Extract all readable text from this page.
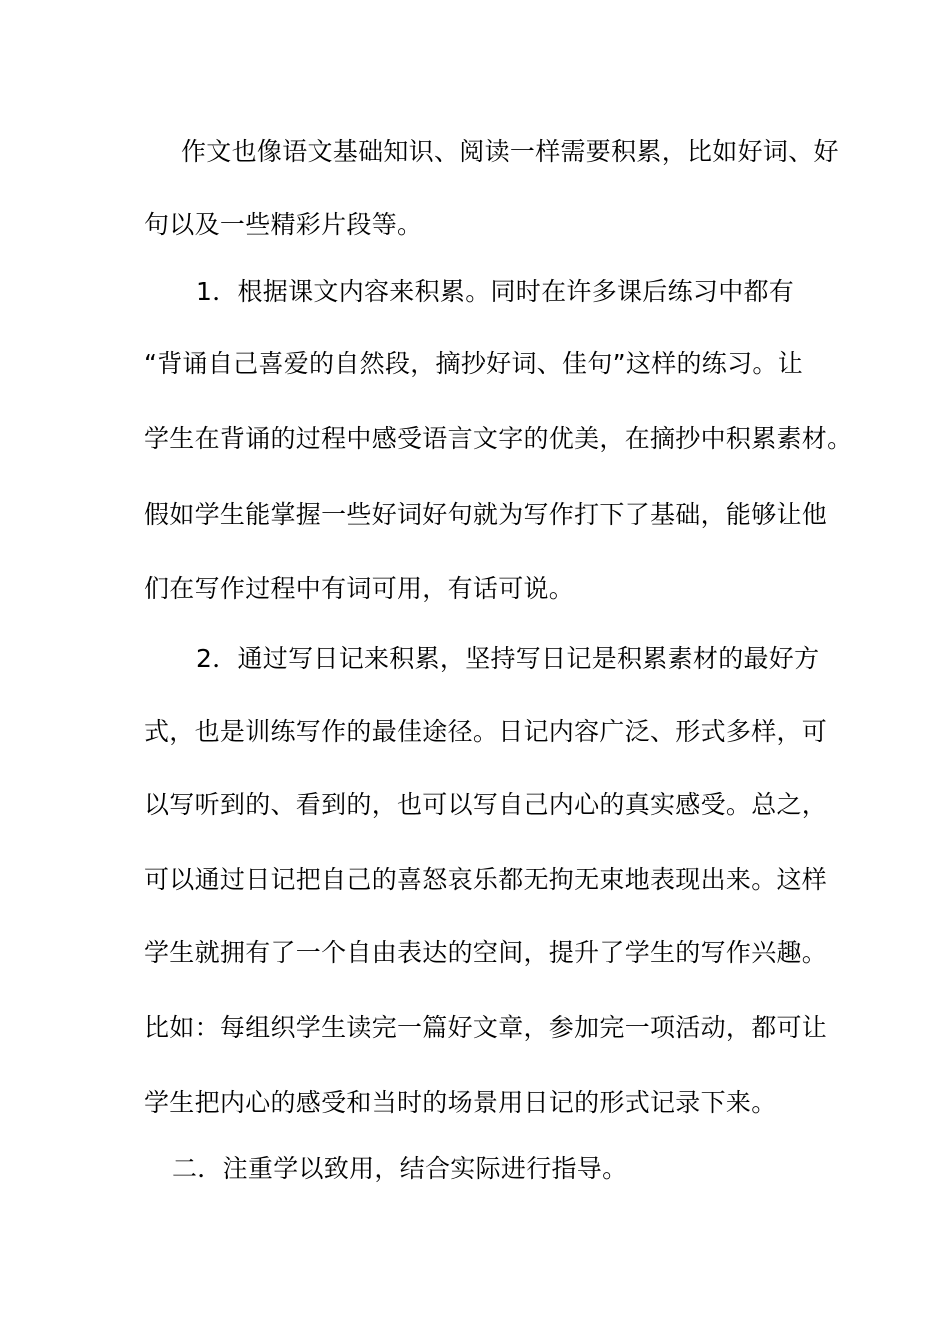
作文也像语文基础知识、阅读一样需要积累，比如好词、好
句以及一些精彩片段等。
1．根据课文内容来积累。同时在许多课后练习中都有
“背诵自己喜爱的自然段，摘抄好词、佳句”这样的练习。让
学生在背诵的过程中感受语言文字的优美，在摘抄中积累素材。
假如学生能掌握一些好词好句就为写作打下了基础，能够让他
们在写作过程中有词可用，有话可说。
2．通过写日记来积累，坚持写日记是积累素材的最好方
式，也是训练写作的最佳途径。日记内容广泛、形式多样，可
以写听到的、看到的，也可以写自己内心的真实感受。总之，
可以通过日记把自己的喜怒哀乐都无拘无束地表现出来。这样
学生就拥有了一个自由表达的空间，提升了学生的写作兴趣。
比如：每组织学生读完一篇好文章，参加完一项活动，都可让
学生把内心的感受和当时的场景用日记的形式记录下来。
二．注重学以致用，结合实际进行指导。
